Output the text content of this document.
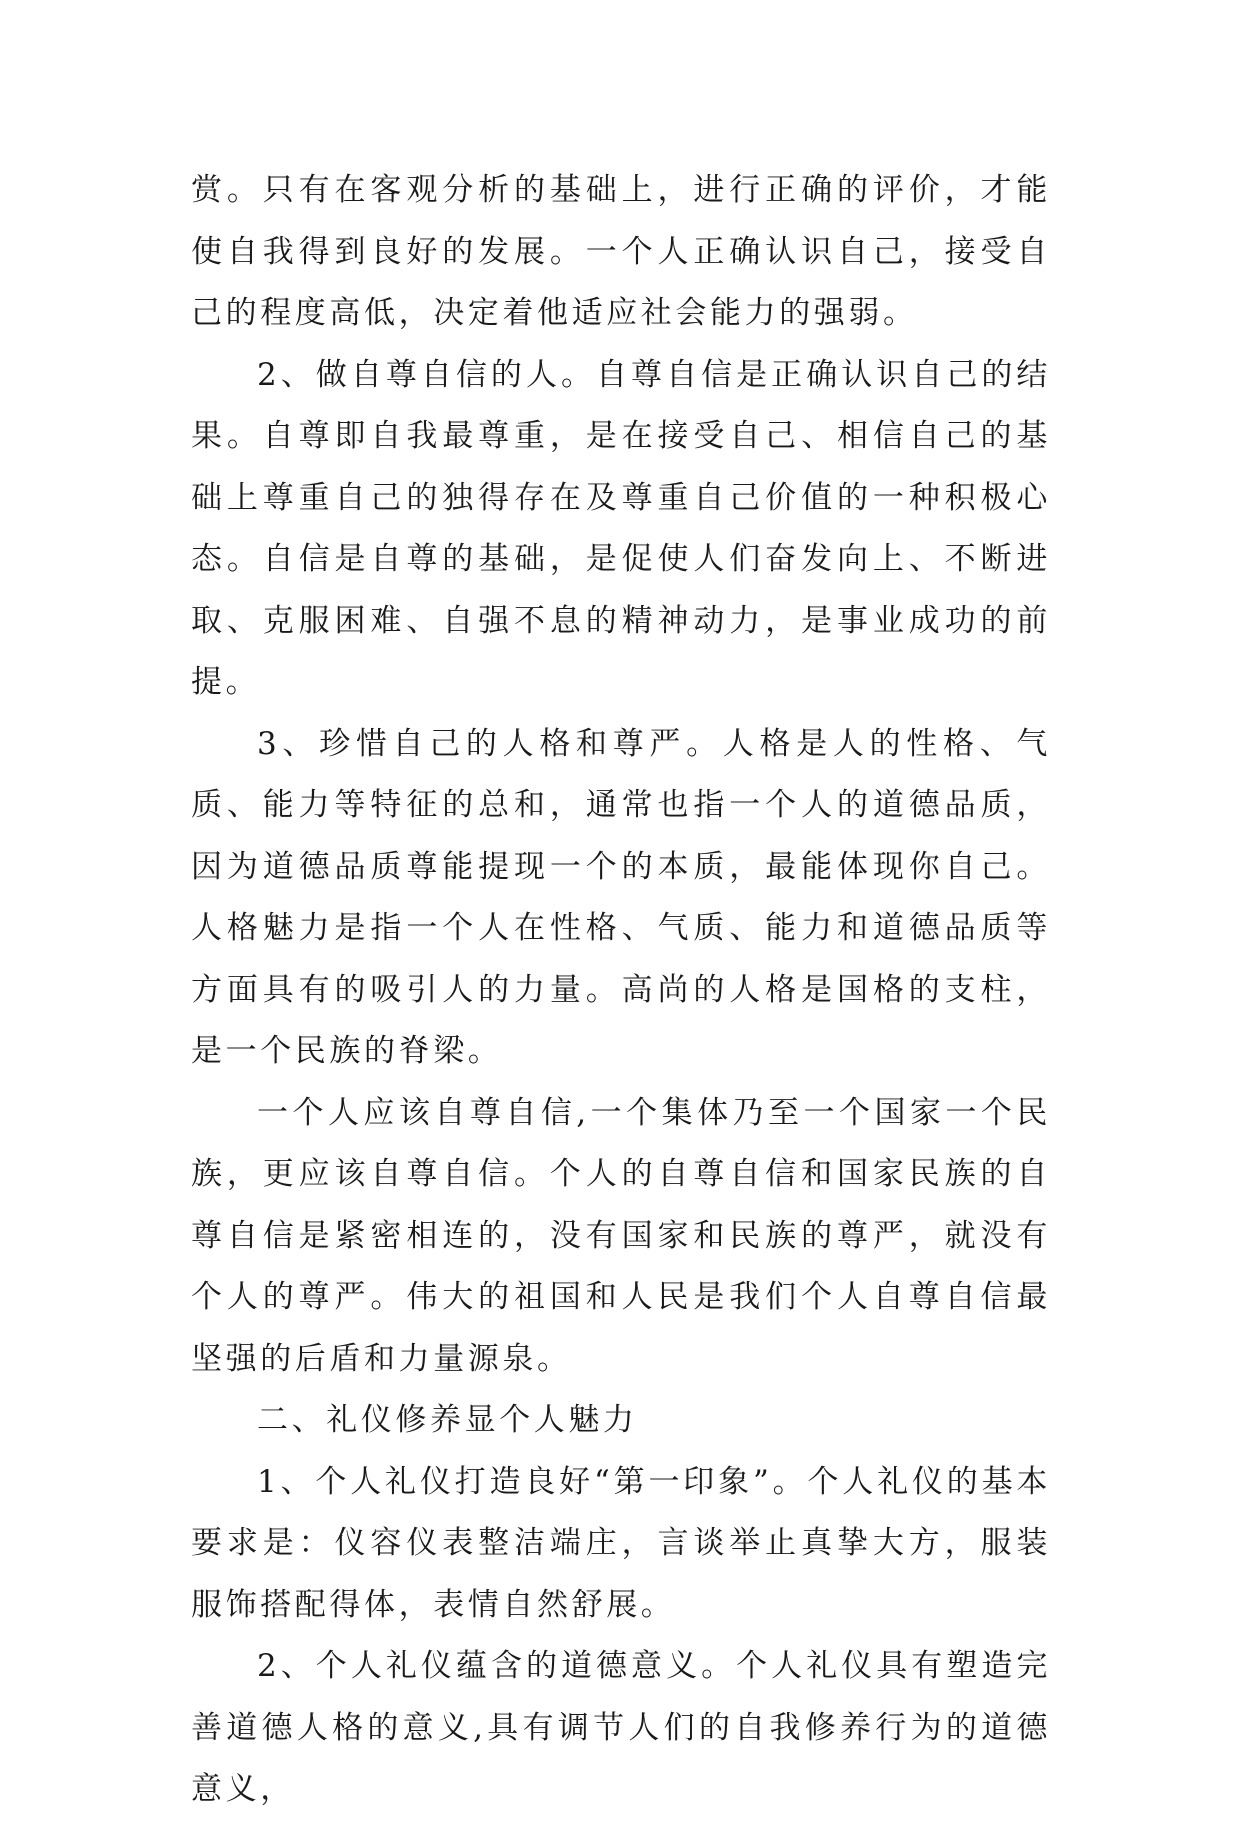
赏。只有在客观分析的基础上，进行正确的评价，才能使自我得到良好的发展。一个人正确认识自己，接受自己的程度高低，决定着他适应社会能力的强弱。

2、做自尊自信的人。自尊自信是正确认识自己的结果。自尊即自我最尊重，是在接受自己、相信自己的基础上尊重自己的独得存在及尊重自己价值的一种积极心态。自信是自尊的基础，是促使人们奋发向上、不断进取、克服困难、自强不息的精神动力，是事业成功的前提。

3、珍惜自己的人格和尊严。人格是人的性格、气质、能力等特征的总和，通常也指一个人的道德品质，因为道德品质尊能提现一个的本质，最能体现你自己。人格魅力是指一个人在性格、气质、能力和道德品质等方面具有的吸引人的力量。高尚的人格是国格的支柱，是一个民族的脊梁。

一个人应该自尊自信,一个集体乃至一个国家一个民族，更应该自尊自信。个人的自尊自信和国家民族的自尊自信是紧密相连的，没有国家和民族的尊严，就没有个人的尊严。伟大的祖国和人民是我们个人自尊自信最坚强的后盾和力量源泉。

二、礼仪修养显个人魅力

1、个人礼仪打造良好“第一印象”。个人礼仪的基本要求是：仪容仪表整洁端庄，言谈举止真挚大方，服装服饰搭配得体，表情自然舒展。

2、个人礼仪蕴含的道德意义。个人礼仪具有塑造完善道德人格的意义,具有调节人们的自我修养行为的道德意义，
